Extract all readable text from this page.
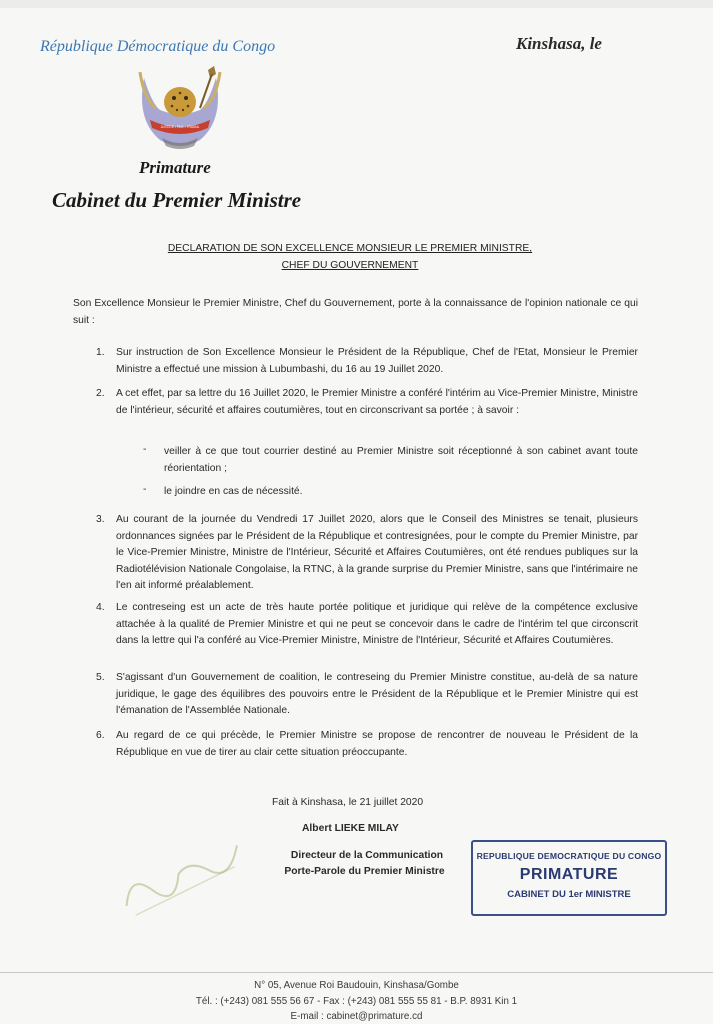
République Démocratique du Congo	Kinshasa, le
JUSTICE • PAIX • TRAVAIL
Primature
Cabinet du Premier Ministre
DECLARATION DE SON EXCELLENCE MONSIEUR LE PREMIER MINISTRE,
CHEF DU GOUVERNEMENT
Son Excellence Monsieur le Premier Ministre, Chef du Gouvernement, porte à la connaissance de l'opinion nationale ce qui suit :
1. Sur instruction de Son Excellence Monsieur le Président de la République, Chef de l'Etat, Monsieur le Premier Ministre a effectué une mission à Lubumbashi, du 16 au 19 Juillet 2020.
2. A cet effet, par sa lettre du 16 Juillet 2020, le Premier Ministre a conféré l'intérim au Vice-Premier Ministre, Ministre de l'intérieur, sécurité et affaires coutumières, tout en circonscrivant sa portée ; à savoir :
- veiller à ce que tout courrier destiné au Premier Ministre soit réceptionné à son cabinet avant toute réorientation ;
- le joindre en cas de nécessité.
3. Au courant de la journée du Vendredi 17 Juillet 2020, alors que le Conseil des Ministres se tenait, plusieurs ordonnances signées par le Président de la République et contresignées, pour le compte du Premier Ministre, par le Vice-Premier Ministre, Ministre de l'Intérieur, Sécurité et Affaires Coutumières, ont été rendues publiques sur la Radiotélévision Nationale Congolaise, la RTNC, à la grande surprise du Premier Ministre, sans que l'intérimaire ne l'en ait informé préalablement.
4. Le contreseing est un acte de très haute portée politique et juridique qui relève de la compétence exclusive attachée à la qualité de Premier Ministre et qui ne peut se concevoir dans le cadre de l'intérim tel que circonscrit dans la lettre qui l'a conféré au Vice-Premier Ministre, Ministre de l'Intérieur, Sécurité et Affaires Coutumières.
5. S'agissant d'un Gouvernement de coalition, le contreseing du Premier Ministre constitue, au-delà de sa nature juridique, le gage des équilibres des pouvoirs entre le Président de la République et le Premier Ministre qui est l'émanation de l'Assemblée Nationale.
6. Au regard de ce qui précède, le Premier Ministre se propose de rencontrer de nouveau le Président de la République en vue de tirer au clair cette situation préoccupante.
Fait à Kinshasa, le 21 juillet 2020
Albert LIEKE MILAY
Directeur de la Communication
Porte-Parole du Premier Ministre
REPUBLIQUE DEMOCRATIQUE DU CONGO
PRIMATURE
CABINET DU 1er MINISTRE
N° 05, Avenue Roi Baudouin, Kinshasa/Gombe
Tél. : (+243) 081 555 56 67 - Fax : (+243) 081 555 55 81 - B.P. 8931 Kin 1
E-mail : cabinet@primature.cd
